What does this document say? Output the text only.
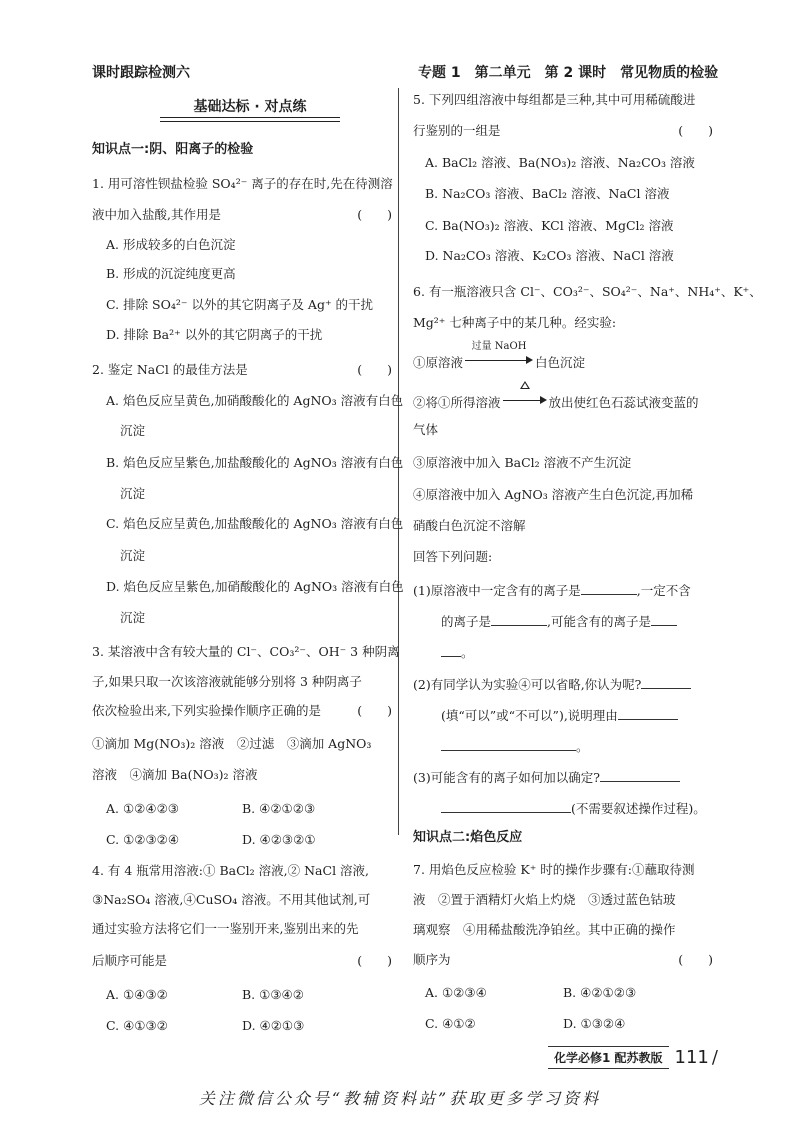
课时跟踪检测六	专题 1　第二单元　第 2 课时　常见物质的检验
基础达标 · 对点练
知识点一:阴、阳离子的检验
1. 用可溶性钡盐检验 SO₄²⁻ 离子的存在时,先在待测溶
液中加入盐酸,其作用是	(　　)
A. 形成较多的白色沉淀
B. 形成的沉淀纯度更高
C. 排除 SO₄²⁻ 以外的其它阴离子及 Ag⁺ 的干扰
D. 排除 Ba²⁺ 以外的其它阴离子的干扰
2. 鉴定 NaCl 的最佳方法是	(　　)
A. 焰色反应呈黄色,加硝酸酸化的 AgNO₃ 溶液有白色
沉淀
B. 焰色反应呈紫色,加盐酸酸化的 AgNO₃ 溶液有白色
沉淀
C. 焰色反应呈黄色,加盐酸酸化的 AgNO₃ 溶液有白色
沉淀
D. 焰色反应呈紫色,加硝酸酸化的 AgNO₃ 溶液有白色
沉淀
3. 某溶液中含有较大量的 Cl⁻、CO₃²⁻、OH⁻ 3 种阴离
子,如果只取一次该溶液就能够分别将 3 种阴离子
依次检验出来,下列实验操作顺序正确的是	(　　)
①滴加 Mg(NO₃)₂ 溶液　②过滤　③滴加 AgNO₃
溶液　④滴加 Ba(NO₃)₂ 溶液
A. ①②④②③	B. ④②①②③
C. ①②③②④	D. ④②③②①
4. 有 4 瓶常用溶液:① BaCl₂ 溶液,② NaCl 溶液,
③Na₂SO₄ 溶液,④CuSO₄ 溶液。不用其他试剂,可
通过实验方法将它们一一鉴别开来,鉴别出来的先
后顺序可能是	(　　)
A. ①④③②	B. ①③④②
C. ④①③②	D. ④②①③
5. 下列四组溶液中每组都是三种,其中可用稀硫酸进
行鉴别的一组是	(　　)
A. BaCl₂ 溶液、Ba(NO₃)₂ 溶液、Na₂CO₃ 溶液
B. Na₂CO₃ 溶液、BaCl₂ 溶液、NaCl 溶液
C. Ba(NO₃)₂ 溶液、KCl 溶液、MgCl₂ 溶液
D. Na₂CO₃ 溶液、K₂CO₃ 溶液、NaCl 溶液
6. 有一瓶溶液只含 Cl⁻、CO₃²⁻、SO₄²⁻、Na⁺、NH₄⁺、K⁺、
Mg²⁺ 七种离子中的某几种。经实验:
①原溶液
过量 NaOH
白色沉淀
②将①所得溶液	放出使红色石蕊试液变蓝的
气体
③原溶液中加入 BaCl₂ 溶液不产生沉淀
④原溶液中加入 AgNO₃ 溶液产生白色沉淀,再加稀
硝酸白色沉淀不溶解
回答下列问题:
(1)原溶液中一定含有的离子是	,一定不含
的离子是	,可能含有的离子是
。
(2)有同学认为实验④可以省略,你认为呢?
(填“可以”或“不可以”),说明理由
。
(3)可能含有的离子如何加以确定?
(不需要叙述操作过程)。
知识点二:焰色反应
7. 用焰色反应检验 K⁺ 时的操作步骤有:①蘸取待测
液　②置于酒精灯火焰上灼烧　③透过蓝色钴玻
璃观察　④用稀盐酸洗净铂丝。其中正确的操作
顺序为	(　　)
A. ①②③④	B. ④②①②③
C. ④①②	D. ①③②④
化学必修1 配苏教版 111 /
关注微信公众号“教辅资料站”获取更多学习资料
